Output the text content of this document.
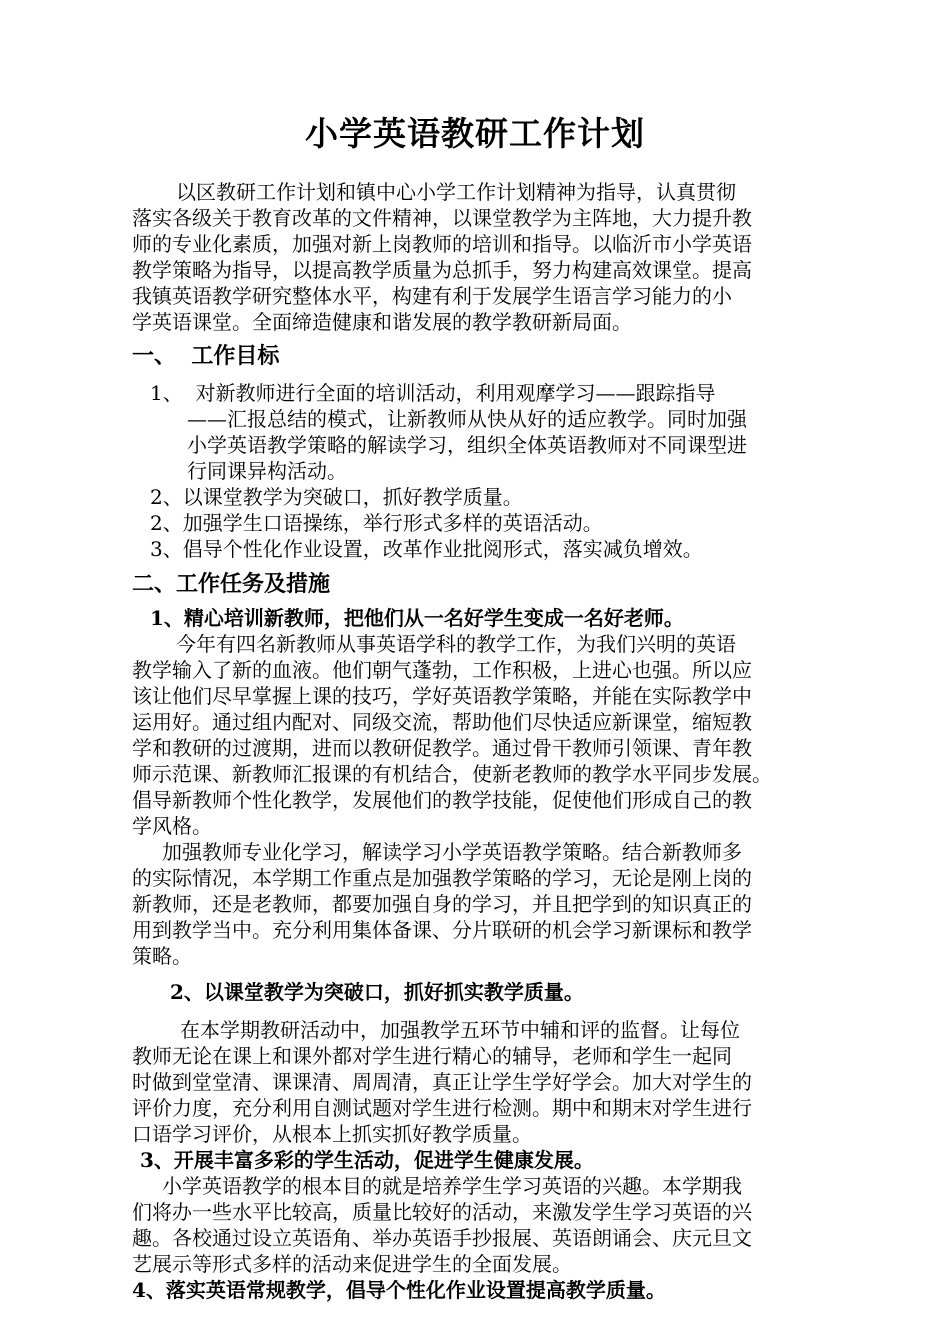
小学英语教研工作计划
以区教研工作计划和镇中心小学工作计划精神为指导，认真贯彻
落实各级关于教育改革的文件精神，以课堂教学为主阵地，大力提升教
师的专业化素质，加强对新上岗教师的培训和指导。以临沂市小学英语
教学策略为指导，以提高教学质量为总抓手，努力构建高效课堂。提高
我镇英语教学研究整体水平，构建有利于发展学生语言学习能力的小
学英语课堂。全面缔造健康和谐发展的教学教研新局面。
一、  工作目标
1、  对新教师进行全面的培训活动，利用观摩学习——跟踪指导
——汇报总结的模式，让新教师从快从好的适应教学。同时加强
小学英语教学策略的解读学习，组织全体英语教师对不同课型进
行同课异构活动。
2、以课堂教学为突破口，抓好教学质量。
2、加强学生口语操练，举行形式多样的英语活动。
3、倡导个性化作业设置，改革作业批阅形式，落实减负增效。
二、工作任务及措施
1、精心培训新教师，把他们从一名好学生变成一名好老师。
今年有四名新教师从事英语学科的教学工作，为我们兴明的英语
教学输入了新的血液。他们朝气蓬勃，工作积极，上进心也强。所以应
该让他们尽早掌握上课的技巧，学好英语教学策略，并能在实际教学中
运用好。通过组内配对、同级交流，帮助他们尽快适应新课堂，缩短教
学和教研的过渡期，进而以教研促教学。通过骨干教师引领课、青年教
师示范课、新教师汇报课的有机结合，使新老教师的教学水平同步发展。
倡导新教师个性化教学，发展他们的教学技能，促使他们形成自己的教
学风格。
加强教师专业化学习，解读学习小学英语教学策略。结合新教师多
的实际情况，本学期工作重点是加强教学策略的学习，无论是刚上岗的
新教师，还是老教师，都要加强自身的学习，并且把学到的知识真正的
用到教学当中。充分利用集体备课、分片联研的机会学习新课标和教学
策略。
2、以课堂教学为突破口，抓好抓实教学质量。
在本学期教研活动中，加强教学五环节中辅和评的监督。让每位
教师无论在课上和课外都对学生进行精心的辅导，老师和学生一起同
时做到堂堂清、课课清、周周清，真正让学生学好学会。加大对学生的
评价力度，充分利用自测试题对学生进行检测。期中和期末对学生进行
口语学习评价，从根本上抓实抓好教学质量。
3、开展丰富多彩的学生活动，促进学生健康发展。
小学英语教学的根本目的就是培养学生学习英语的兴趣。本学期我
们将办一些水平比较高，质量比较好的活动，来激发学生学习英语的兴
趣。各校通过设立英语角、举办英语手抄报展、英语朗诵会、庆元旦文
艺展示等形式多样的活动来促进学生的全面发展。
4、落实英语常规教学，倡导个性化作业设置提高教学质量。
